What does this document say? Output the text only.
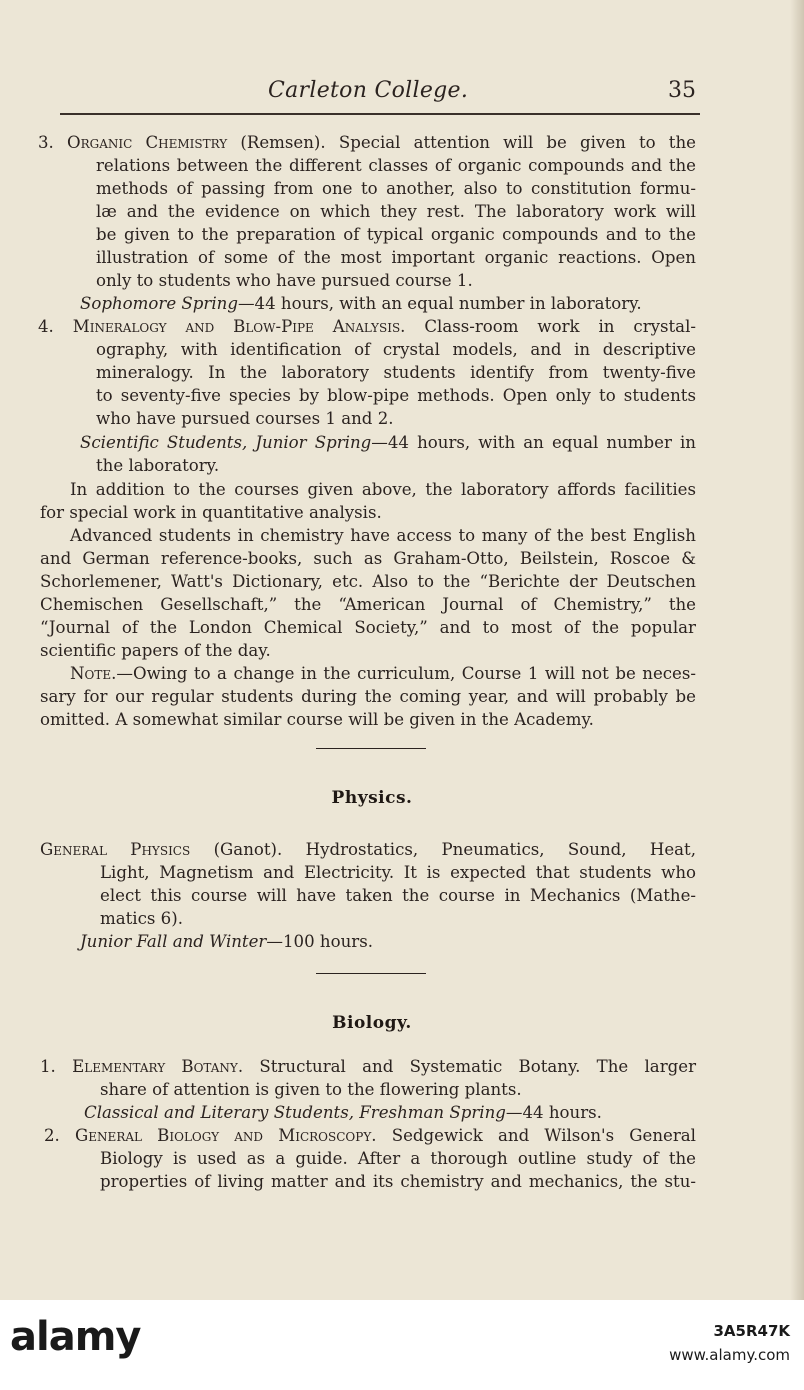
Carleton College.	35
3. Organic Chemistry (Remsen). Special attention will be given to the
relations between the different classes of organic compounds and the
methods of passing from one to another, also to constitution formu-
læ and the evidence on which they rest. The laboratory work will
be given to the preparation of typical organic compounds and to the
illustration of some of the most important organic reactions. Open
only to students who have pursued course 1.
Sophomore Spring—44 hours, with an equal number in laboratory.
4. Mineralogy and Blow-Pipe Analysis. Class-room work in crystal-
ography, with identification of crystal models, and in descriptive
mineralogy. In the laboratory students identify from twenty-five
to seventy-five species by blow-pipe methods. Open only to students
who have pursued courses 1 and 2.
Scientific Students, Junior Spring—44 hours, with an equal number in
the laboratory.
In addition to the courses given above, the laboratory affords facilities
for special work in quantitative analysis.
Advanced students in chemistry have access to many of the best English
and German reference-books, such as Graham-Otto, Beilstein, Roscoe &
Schorlemener, Watt's Dictionary, etc. Also to the “Berichte der Deutschen
Chemischen Gesellschaft,” the “American Journal of Chemistry,” the
“Journal of the London Chemical Society,” and to most of the popular
scientific papers of the day.
Note.—Owing to a change in the curriculum, Course 1 will not be neces-
sary for our regular students during the coming year, and will probably be
omitted. A somewhat similar course will be given in the Academy.
Physics.
General Physics (Ganot). Hydrostatics, Pneumatics, Sound, Heat,
Light, Magnetism and Electricity. It is expected that students who
elect this course will have taken the course in Mechanics (Mathe-
matics 6).
Junior Fall and Winter—100 hours.
Biology.
1. Elementary Botany. Structural and Systematic Botany. The larger
share of attention is given to the flowering plants.
Classical and Literary Students, Freshman Spring—44 hours.
2. General Biology and Microscopy. Sedgewick and Wilson's General
Biology is used as a guide. After a thorough outline study of the
properties of living matter and its chemistry and mechanics, the stu-
alamy	3A5R47K
www.alamy.com
